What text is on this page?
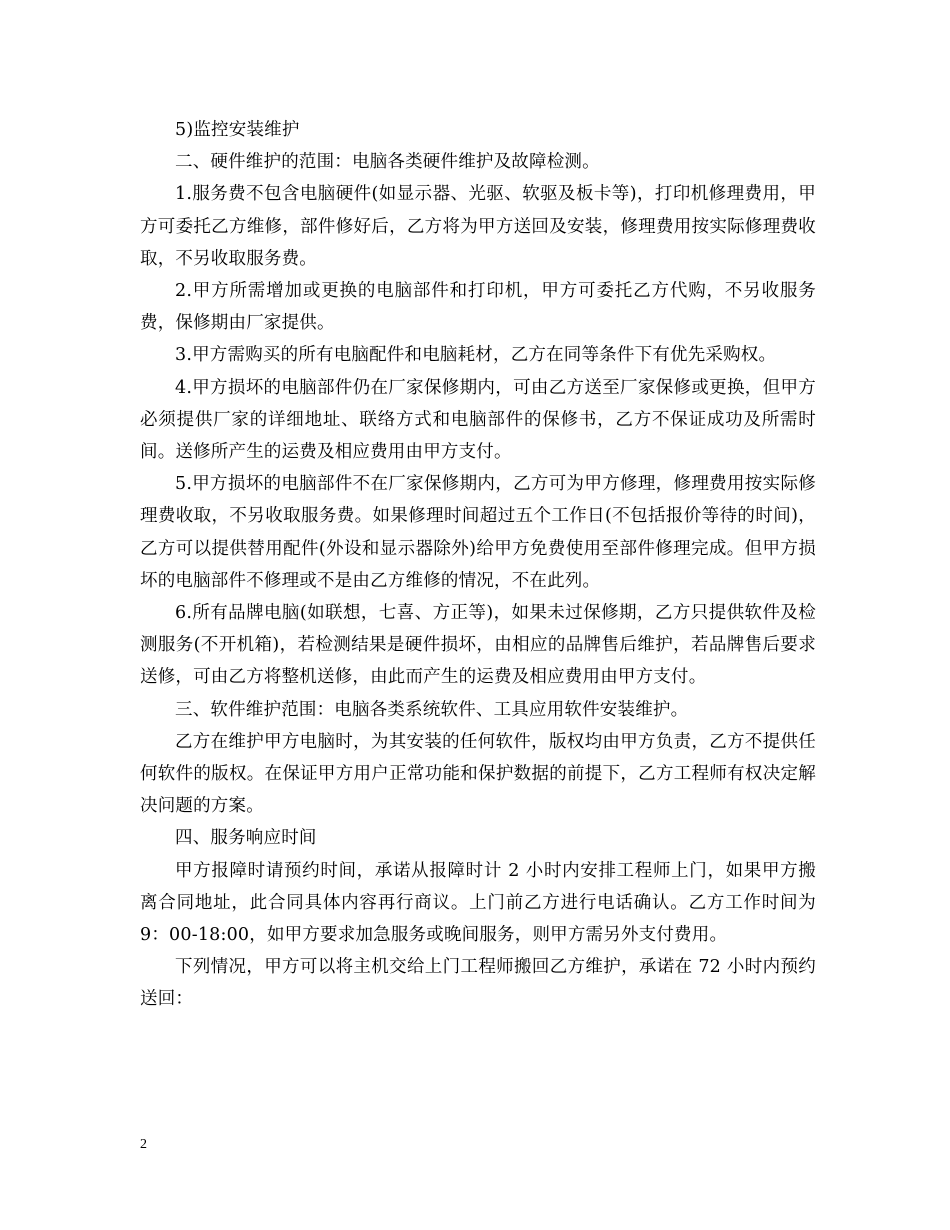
5)监控安装维护

二、硬件维护的范围：电脑各类硬件维护及故障检测。

1.服务费不包含电脑硬件(如显示器、光驱、软驱及板卡等)，打印机修理费用，甲方可委托乙方维修，部件修好后，乙方将为甲方送回及安装，修理费用按实际修理费收取，不另收取服务费。

2.甲方所需增加或更换的电脑部件和打印机，甲方可委托乙方代购，不另收服务费，保修期由厂家提供。

3.甲方需购买的所有电脑配件和电脑耗材，乙方在同等条件下有优先采购权。

4.甲方损坏的电脑部件仍在厂家保修期内，可由乙方送至厂家保修或更换，但甲方必须提供厂家的详细地址、联络方式和电脑部件的保修书，乙方不保证成功及所需时间。送修所产生的运费及相应费用由甲方支付。

5.甲方损坏的电脑部件不在厂家保修期内，乙方可为甲方修理，修理费用按实际修理费收取，不另收取服务费。如果修理时间超过五个工作日(不包括报价等待的时间)，乙方可以提供替用配件(外设和显示器除外)给甲方免费使用至部件修理完成。但甲方损坏的电脑部件不修理或不是由乙方维修的情况，不在此列。

6.所有品牌电脑(如联想，七喜、方正等)，如果未过保修期，乙方只提供软件及检测服务(不开机箱)，若检测结果是硬件损坏，由相应的品牌售后维护，若品牌售后要求送修，可由乙方将整机送修，由此而产生的运费及相应费用由甲方支付。

三、软件维护范围：电脑各类系统软件、工具应用软件安装维护。

乙方在维护甲方电脑时，为其安装的任何软件，版权均由甲方负责，乙方不提供任何软件的版权。在保证甲方用户正常功能和保护数据的前提下，乙方工程师有权决定解决问题的方案。

四、服务响应时间

甲方报障时请预约时间，承诺从报障时计 2 小时内安排工程师上门，如果甲方搬离合同地址，此合同具体内容再行商议。上门前乙方进行电话确认。乙方工作时间为 9：00-18:00，如甲方要求加急服务或晚间服务，则甲方需另外支付费用。

下列情况，甲方可以将主机交给上门工程师搬回乙方维护，承诺在 72 小时内预约送回：

2
